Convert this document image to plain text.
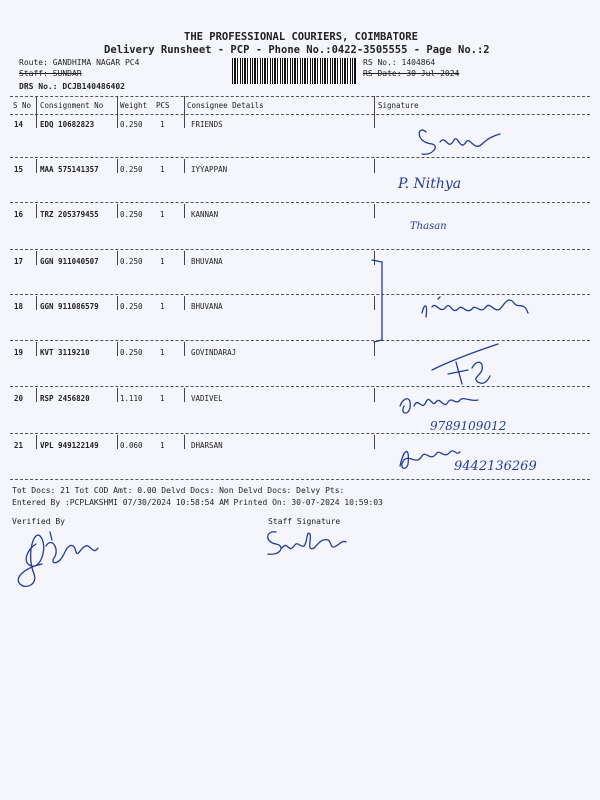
THE PROFESSIONAL COURIERS, COIMBATORE
Delivery Runsheet - PCP - Phone No.:0422-3505555 - Page No.:2
Route: GANDHIMA NAGAR PC4
Staff: SUNDAR
DRS No.: DCJB140486402
RS No.: 1404864
RS Date: 30-Jul-2024
S No Consignment No Weight PCS Consignee Details	Signature
14 EDQ 10682823	0.250 1	FRIENDS
15 MAA 575141357	0.250 1	IYYAPPAN
16 TRZ 205379455	0.250 1	KANNAN
17 GGN 911040507	0.250 1	BHUVANA
18 GGN 911086579	0.250 1	BHUVANA
19 KVT 3119210	0.250 1	GOVINDARAJ
20 RSP 2456820	1.110 1	VADIVEL
21 VPL 949122149	0.060 1	DHARSAN
P. Nithya
Thasan
9789109012
9442136269
Tot Docs: 21 Tot COD Amt: 0.00 Delvd Docs: Non Delvd Docs: Delvy Pts:
Entered By :PCPLAKSHMI 07/30/2024 10:58:54 AM Printed On: 30-07-2024 10:59:03
Verified By	Staff Signature
